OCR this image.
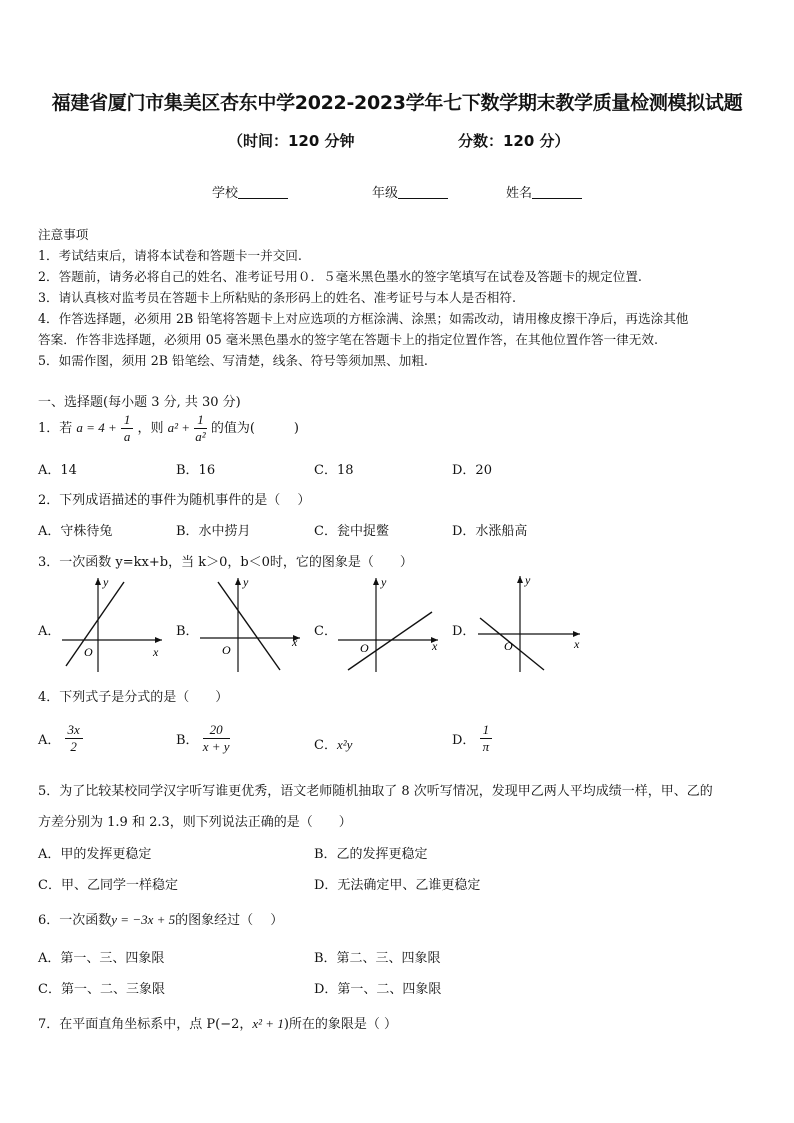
福建省厦门市集美区杏东中学2022-2023学年七下数学期末教学质量检测模拟试题
（时间：120 分钟	分数：120 分）
学校	年级	姓名
注意事项
1．考试结束后，请将本试卷和答题卡一并交回.
2．答题前，请务必将自己的姓名、准考证号用０．５毫米黑色墨水的签字笔填写在试卷及答题卡的规定位置.
3．请认真核对监考员在答题卡上所粘贴的条形码上的姓名、准考证号与本人是否相符.
4．作答选择题，必须用 2B 铅笔将答题卡上对应选项的方框涂满、涂黑；如需改动，请用橡皮擦干净后，再选涂其他
答案．作答非选择题，必须用 05 毫米黑色墨水的签字笔在答题卡上的指定位置作答，在其他位置作答一律无效.
5．如需作图，须用 2B 铅笔绘、写清楚，线条、符号等须加黑、加粗.
一、选择题(每小题 3 分, 共 30 分)
1．若 $a = 4 + \frac{1}{a}$ ，则 $a^2 + \frac{1}{\text{a²}}$ 的值为(　　　)
A．14	B．16	C．18	D．20
2．下列成语描述的事件为随机事件的是（　 ）
A．守株待兔	B．水中捞月	C．瓮中捉鳖	D．水涨船高
3．一次函数 y=kx+b，当 k＞0，b＜0时，它的图象是（　　）
A．	B．	C．	D．
O	x
y
O
x
y
O	x
y
O	x
y
4．下列式子是分式的是（　　）
A． $\frac{3x}{2}$	B． $\frac{20}{x + y}$	C．x²y	D． $\frac{1}{\pi}$
5．为了比较某校同学汉字听写谁更优秀，语文老师随机抽取了 8 次听写情况，发现甲乙两人平均成绩一样，甲、乙的
方差分别为 1.9 和 2.3，则下列说法正确的是（　　）
A．甲的发挥更稳定	B．乙的发挥更稳定
C．甲、乙同学一样稳定	D．无法确定甲、乙谁更稳定
6．一次函数y = −3x + 5的图象经过（　 ）
A．第一、三、四象限	B．第二、三、四象限
C．第一、二、三象限	D．第一、二、四象限
7．在平面直角坐标系中，点 P(−2，x² + 1)所在的象限是（ ）
